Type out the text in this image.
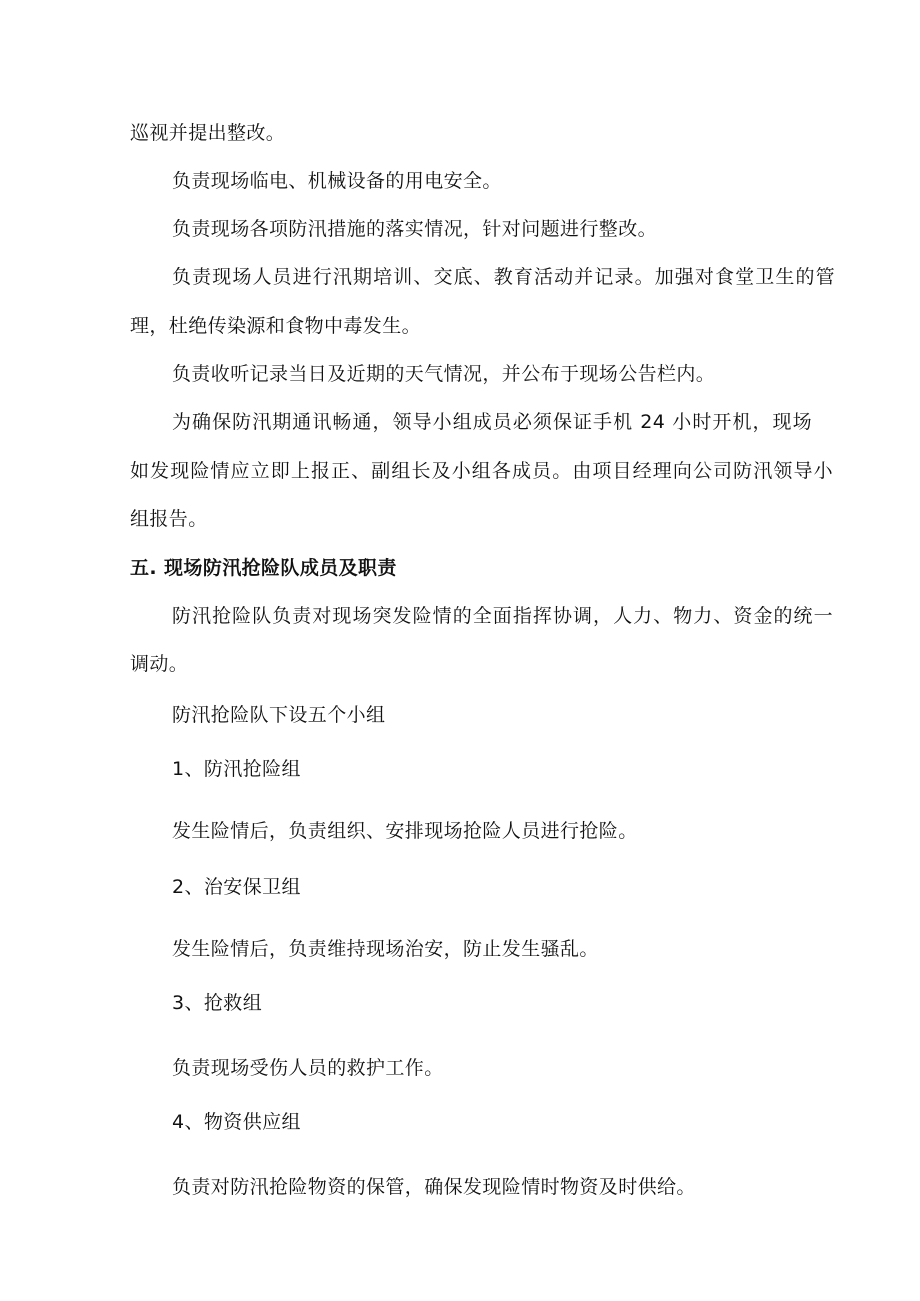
巡视并提出整改。
负责现场临电、机械设备的用电安全。
负责现场各项防汛措施的落实情况，针对问题进行整改。
负责现场人员进行汛期培训、交底、教育活动并记录。加强对食堂卫生的管
理，杜绝传染源和食物中毒发生。
负责收听记录当日及近期的天气情况，并公布于现场公告栏内。
为确保防汛期通讯畅通，领导小组成员必须保证手机 24 小时开机，现场
如发现险情应立即上报正、副组长及小组各成员。由项目经理向公司防汛领导小
组报告。
五. 现场防汛抢险队成员及职责
防汛抢险队负责对现场突发险情的全面指挥协调，人力、物力、资金的统一
调动。
防汛抢险队下设五个小组
1、防汛抢险组
发生险情后，负责组织、安排现场抢险人员进行抢险。
2、治安保卫组
发生险情后，负责维持现场治安，防止发生骚乱。
3、抢救组
负责现场受伤人员的救护工作。
4、物资供应组
负责对防汛抢险物资的保管，确保发现险情时物资及时供给。
